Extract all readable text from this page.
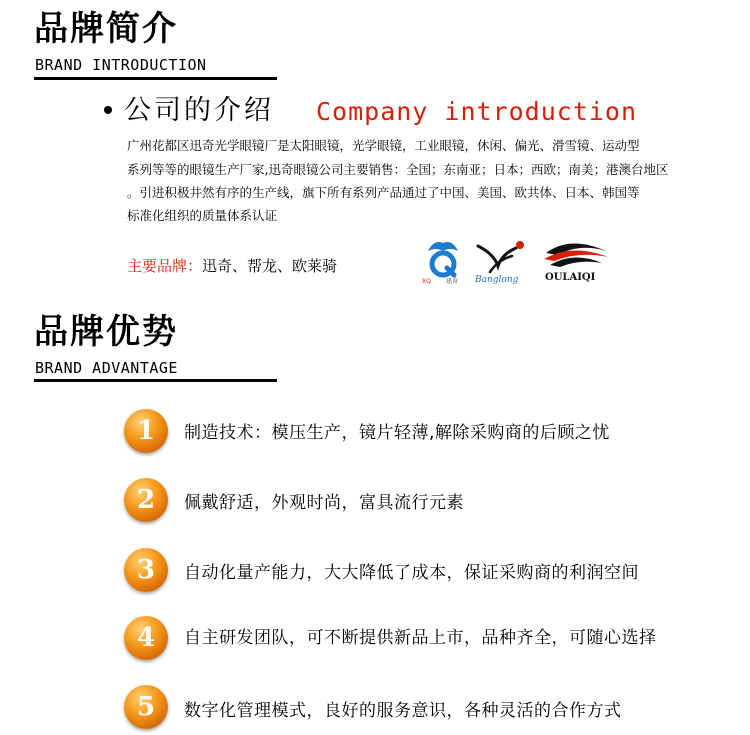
品牌简介
BRAND INTRODUCTION
公司的介绍 Company introduction
广州花都区迅奇光学眼镜厂是太阳眼镜，光学眼镜，工业眼镜，休闲、偏光、滑雪镜、运动型
系列等等的眼镜生产厂家,迅奇眼镜公司主要销售：全国；东南亚；日本；西欧；南美；港澳台地区
。引进积极井然有序的生产线，旗下所有系列产品通过了中国、美国、欧共体、日本、韩国等
标准化组织的质量体系认证
主要品牌： 迅奇、帮龙、欧莱骑
XQ	迅奇 Banglong	OULAIQI
品牌优势
BRAND ADVANTAGE
1	制造技术：模压生产，镜片轻薄,解除采购商的后顾之忧
2	佩戴舒适，外观时尚，富具流行元素
3	自动化量产能力，大大降低了成本，保证采购商的利润空间
4	自主研发团队，可不断提供新品上市，品种齐全，可随心选择
5	数字化管理模式，良好的服务意识，各种灵活的合作方式
